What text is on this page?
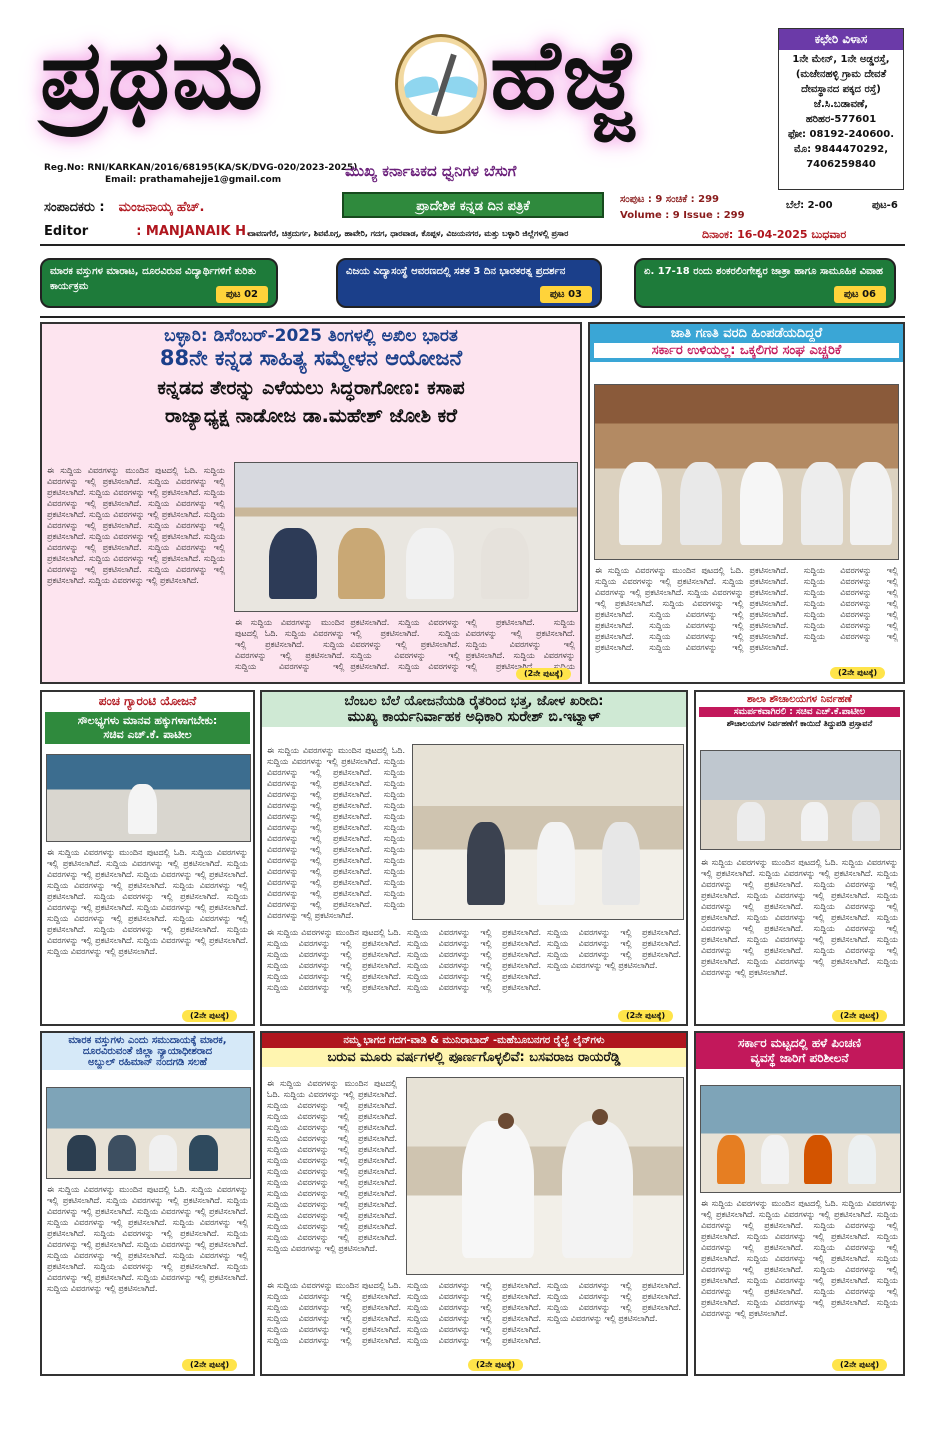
ಪ್ರಥಮ ಹೆಜ್ಜೆ	ಕಛೇರಿ ವಿಳಾಸ
1ನೇ ಮೇನ್, 1ನೇ ಅಡ್ಡರಸ್ತೆ,
(ಮಜೇನಹಳ್ಳಿ ಗ್ರಾಮ ದೇವತೆ
ದೇವಸ್ಥಾನದ ಪಕ್ಕದ ರಸ್ತೆ)
ಜೆ.ಸಿ.ಬಡಾವಣೆ,
ಹರಿಹರ-577601
ಫೋ: 08192-240600.
ಮೊ: 9844470292,
7406259840
Reg.No: RNI/KARKAN/2016/68195(KA/SK/DVG-020/2023-2025)
Email: prathamahejje1@gmail.com	ಮುಖ್ಯ ಕರ್ನಾಟಕದ ಧ್ವನಿಗಳ ಬೆಸುಗೆ
ಪ್ರಾದೇಶಿಕ ಕನ್ನಡ ದಿನ ಪತ್ರಿಕೆ	ಸಂಪುಟ : 9 ಸಂಚಿಕೆ : 299
Volume : 9 Issue : 299
ಬೆಲೆ: 2-00	ಪುಟ-6
ಸಂಪಾದಕರು : ಮಂಜನಾಯ್ಕ ಹೆಚ್.
Editor	: MANJANAIK H.
ದಾವಣಗೆರೆ, ಚಿತ್ರದುರ್ಗ, ಶಿವಮೊಗ್ಗ, ಹಾವೇರಿ, ಗದಗ, ಧಾರವಾಡ, ಕೊಪ್ಪಳ, ವಿಜಯನಗರ, ಮತ್ತು ಬಳ್ಳಾರಿ ಜಿಲ್ಲೆಗಳಲ್ಲಿ ಪ್ರಸಾರ	ದಿನಾಂಕ: 16-04-2025 ಬುಧವಾರ
ಮಾರಕ ವಸ್ತುಗಳ ಮಾರಾಟ, ದೂರವಿರುವ ವಿದ್ಯಾರ್ಥಿಗಳಿಗೆ ಕುರಿತು ಕಾರ್ಯಕ್ರಮ
ಪುಟ 02
ವಿಜಯ ವಿದ್ಯಾಸಂಸ್ಥೆ ಆವರಣದಲ್ಲಿ ಸತತ 3 ದಿನ ಭಾರತರತ್ನ ಪ್ರದರ್ಶನ
ಪುಟ 03
ಏ. 17-18 ರಂದು ಶಂಕರಲಿಂಗೇಶ್ವರ ಜಾತ್ರಾ ಹಾಗೂ ಸಾಮೂಹಿಕ ವಿವಾಹ
ಪುಟ 06
ಬಳ್ಳಾರಿ: ಡಿಸೆಂಬರ್-2025 ತಿಂಗಳಲ್ಲಿ ಅಖಿಲ ಭಾರತ
88ನೇ ಕನ್ನಡ ಸಾಹಿತ್ಯ ಸಮ್ಮೇಳನ ಆಯೋಜನೆ
ಕನ್ನಡದ ತೇರನ್ನು ಎಳೆಯಲು ಸಿದ್ಧರಾಗೋಣ: ಕಸಾಪ
ರಾಜ್ಯಾಧ್ಯಕ್ಷ ನಾಡೋಜ ಡಾ.ಮಹೇಶ್ ಜೋಶಿ ಕರೆ
ಈ ಸುದ್ದಿಯ ವಿವರಗಳನ್ನು ಮುಂದಿನ ಪುಟದಲ್ಲಿ ಓದಿ. ಸುದ್ದಿಯ ವಿವರಗಳನ್ನು ಇಲ್ಲಿ ಪ್ರಕಟಿಸಲಾಗಿದೆ. ಸುದ್ದಿಯ ವಿವರಗಳನ್ನು ಇಲ್ಲಿ ಪ್ರಕಟಿಸಲಾಗಿದೆ. ಸುದ್ದಿಯ ವಿವರಗಳನ್ನು ಇಲ್ಲಿ ಪ್ರಕಟಿಸಲಾಗಿದೆ. ಸುದ್ದಿಯ ವಿವರಗಳನ್ನು ಇಲ್ಲಿ ಪ್ರಕಟಿಸಲಾಗಿದೆ. ಸುದ್ದಿಯ ವಿವರಗಳನ್ನು ಇಲ್ಲಿ ಪ್ರಕಟಿಸಲಾಗಿದೆ. ಸುದ್ದಿಯ ವಿವರಗಳನ್ನು ಇಲ್ಲಿ ಪ್ರಕಟಿಸಲಾಗಿದೆ. ಸುದ್ದಿಯ ವಿವರಗಳನ್ನು ಇಲ್ಲಿ ಪ್ರಕಟಿಸಲಾಗಿದೆ. ಸುದ್ದಿಯ ವಿವರಗಳನ್ನು ಇಲ್ಲಿ ಪ್ರಕಟಿಸಲಾಗಿದೆ. ಸುದ್ದಿಯ ವಿವರಗಳನ್ನು ಇಲ್ಲಿ ಪ್ರಕಟಿಸಲಾಗಿದೆ. ಸುದ್ದಿಯ ವಿವರಗಳನ್ನು ಇಲ್ಲಿ ಪ್ರಕಟಿಸಲಾಗಿದೆ. ಸುದ್ದಿಯ ವಿವರಗಳನ್ನು ಇಲ್ಲಿ ಪ್ರಕಟಿಸಲಾಗಿದೆ. ಸುದ್ದಿಯ ವಿವರಗಳನ್ನು ಇಲ್ಲಿ ಪ್ರಕಟಿಸಲಾಗಿದೆ. ಸುದ್ದಿಯ ವಿವರಗಳನ್ನು ಇಲ್ಲಿ ಪ್ರಕಟಿಸಲಾಗಿದೆ. ಸುದ್ದಿಯ ವಿವರಗಳನ್ನು ಇಲ್ಲಿ ಪ್ರಕಟಿಸಲಾಗಿದೆ. ಸುದ್ದಿಯ ವಿವರಗಳನ್ನು ಇಲ್ಲಿ ಪ್ರಕಟಿಸಲಾಗಿದೆ.
ಈ ಸುದ್ದಿಯ ವಿವರಗಳನ್ನು ಮುಂದಿನ ಪುಟದಲ್ಲಿ ಓದಿ. ಸುದ್ದಿಯ ವಿವರಗಳನ್ನು ಇಲ್ಲಿ ಪ್ರಕಟಿಸಲಾಗಿದೆ. ಸುದ್ದಿಯ ವಿವರಗಳನ್ನು ಇಲ್ಲಿ ಪ್ರಕಟಿಸಲಾಗಿದೆ. ಸುದ್ದಿಯ ವಿವರಗಳನ್ನು ಇಲ್ಲಿ ಪ್ರಕಟಿಸಲಾಗಿದೆ. ಸುದ್ದಿಯ ವಿವರಗಳನ್ನು ಇಲ್ಲಿ ಪ್ರಕಟಿಸಲಾಗಿದೆ. ಸುದ್ದಿಯ ವಿವರಗಳನ್ನು ಇಲ್ಲಿ ಪ್ರಕಟಿಸಲಾಗಿದೆ. ಸುದ್ದಿಯ ವಿವರಗಳನ್ನು ಇಲ್ಲಿ ಪ್ರಕಟಿಸಲಾಗಿದೆ. ಸುದ್ದಿಯ ವಿವರಗಳನ್ನು ಇಲ್ಲಿ ಪ್ರಕಟಿಸಲಾಗಿದೆ. ಸುದ್ದಿಯ ವಿವರಗಳನ್ನು ಇಲ್ಲಿ ಪ್ರಕಟಿಸಲಾಗಿದೆ. ಸುದ್ದಿಯ ವಿವರಗಳನ್ನು ಇಲ್ಲಿ ಪ್ರಕಟಿಸಲಾಗಿದೆ. ಸುದ್ದಿಯ ವಿವರಗಳನ್ನು ಇಲ್ಲಿ ಪ್ರಕಟಿಸಲಾಗಿದೆ. ಸುದ್ದಿಯ ವಿವರಗಳನ್ನು ಇಲ್ಲಿ ಪ್ರಕಟಿಸಲಾಗಿದೆ. ಸುದ್ದಿಯ ವಿವರಗಳನ್ನು ಇಲ್ಲಿ ಪ್ರಕಟಿಸಲಾಗಿದೆ. ಸುದ್ದಿಯ ವಿವರಗಳನ್ನು ಇಲ್ಲಿ ಪ್ರಕಟಿಸಲಾಗಿದೆ. ಸುದ್ದಿಯ ವಿವರಗಳನ್ನು ಇಲ್ಲಿ ಪ್ರಕಟಿಸಲಾಗಿದೆ. ಸುದ್ದಿಯ ವಿವರಗಳನ್ನು ಇಲ್ಲಿ ಪ್ರಕಟಿಸಲಾಗಿದೆ.
(2ನೇ ಪುಟಕ್ಕೆ)
ಜಾತಿ ಗಣತಿ ವರದಿ ಹಿಂಪಡೆಯದಿದ್ದರೆ
ಸರ್ಕಾರ ಉಳಿಯಲ್ಲ: ಒಕ್ಕಲಿಗರ ಸಂಘ ಎಚ್ಚರಿಕೆ
ಈ ಸುದ್ದಿಯ ವಿವರಗಳನ್ನು ಮುಂದಿನ ಪುಟದಲ್ಲಿ ಓದಿ. ಸುದ್ದಿಯ ವಿವರಗಳನ್ನು ಇಲ್ಲಿ ಪ್ರಕಟಿಸಲಾಗಿದೆ. ಸುದ್ದಿಯ ವಿವರಗಳನ್ನು ಇಲ್ಲಿ ಪ್ರಕಟಿಸಲಾಗಿದೆ. ಸುದ್ದಿಯ ವಿವರಗಳನ್ನು ಇಲ್ಲಿ ಪ್ರಕಟಿಸಲಾಗಿದೆ. ಸುದ್ದಿಯ ವಿವರಗಳನ್ನು ಇಲ್ಲಿ ಪ್ರಕಟಿಸಲಾಗಿದೆ. ಸುದ್ದಿಯ ವಿವರಗಳನ್ನು ಇಲ್ಲಿ ಪ್ರಕಟಿಸಲಾಗಿದೆ. ಸುದ್ದಿಯ ವಿವರಗಳನ್ನು ಇಲ್ಲಿ ಪ್ರಕಟಿಸಲಾಗಿದೆ. ಸುದ್ದಿಯ ವಿವರಗಳನ್ನು ಇಲ್ಲಿ ಪ್ರಕಟಿಸಲಾಗಿದೆ. ಸುದ್ದಿಯ ವಿವರಗಳನ್ನು ಇಲ್ಲಿ ಪ್ರಕಟಿಸಲಾಗಿದೆ. ಸುದ್ದಿಯ ವಿವರಗಳನ್ನು ಇಲ್ಲಿ ಪ್ರಕಟಿಸಲಾಗಿದೆ. ಸುದ್ದಿಯ ವಿವರಗಳನ್ನು ಇಲ್ಲಿ ಪ್ರಕಟಿಸಲಾಗಿದೆ. ಸುದ್ದಿಯ ವಿವರಗಳನ್ನು ಇಲ್ಲಿ ಪ್ರಕಟಿಸಲಾಗಿದೆ. ಸುದ್ದಿಯ ವಿವರಗಳನ್ನು ಇಲ್ಲಿ ಪ್ರಕಟಿಸಲಾಗಿದೆ. ಸುದ್ದಿಯ ವಿವರಗಳನ್ನು ಇಲ್ಲಿ ಪ್ರಕಟಿಸಲಾಗಿದೆ. ಸುದ್ದಿಯ ವಿವರಗಳನ್ನು ಇಲ್ಲಿ ಪ್ರಕಟಿಸಲಾಗಿದೆ. ಸುದ್ದಿಯ ವಿವರಗಳನ್ನು ಇಲ್ಲಿ ಪ್ರಕಟಿಸಲಾಗಿದೆ.
(2ನೇ ಪುಟಕ್ಕೆ)
ಪಂಚ ಗ್ಯಾರಂಟಿ ಯೋಜನೆ
ಸೌಲಭ್ಯಗಳು ಮಾನವ ಹಕ್ಕುಗಳಾಗಬೇಕು:
ಸಚಿವ ಎಚ್.ಕೆ. ಪಾಟೀಲ
ಈ ಸುದ್ದಿಯ ವಿವರಗಳನ್ನು ಮುಂದಿನ ಪುಟದಲ್ಲಿ ಓದಿ. ಸುದ್ದಿಯ ವಿವರಗಳನ್ನು ಇಲ್ಲಿ ಪ್ರಕಟಿಸಲಾಗಿದೆ. ಸುದ್ದಿಯ ವಿವರಗಳನ್ನು ಇಲ್ಲಿ ಪ್ರಕಟಿಸಲಾಗಿದೆ. ಸುದ್ದಿಯ ವಿವರಗಳನ್ನು ಇಲ್ಲಿ ಪ್ರಕಟಿಸಲಾಗಿದೆ. ಸುದ್ದಿಯ ವಿವರಗಳನ್ನು ಇಲ್ಲಿ ಪ್ರಕಟಿಸಲಾಗಿದೆ. ಸುದ್ದಿಯ ವಿವರಗಳನ್ನು ಇಲ್ಲಿ ಪ್ರಕಟಿಸಲಾಗಿದೆ. ಸುದ್ದಿಯ ವಿವರಗಳನ್ನು ಇಲ್ಲಿ ಪ್ರಕಟಿಸಲಾಗಿದೆ. ಸುದ್ದಿಯ ವಿವರಗಳನ್ನು ಇಲ್ಲಿ ಪ್ರಕಟಿಸಲಾಗಿದೆ. ಸುದ್ದಿಯ ವಿವರಗಳನ್ನು ಇಲ್ಲಿ ಪ್ರಕಟಿಸಲಾಗಿದೆ. ಸುದ್ದಿಯ ವಿವರಗಳನ್ನು ಇಲ್ಲಿ ಪ್ರಕಟಿಸಲಾಗಿದೆ. ಸುದ್ದಿಯ ವಿವರಗಳನ್ನು ಇಲ್ಲಿ ಪ್ರಕಟಿಸಲಾಗಿದೆ. ಸುದ್ದಿಯ ವಿವರಗಳನ್ನು ಇಲ್ಲಿ ಪ್ರಕಟಿಸಲಾಗಿದೆ. ಸುದ್ದಿಯ ವಿವರಗಳನ್ನು ಇಲ್ಲಿ ಪ್ರಕಟಿಸಲಾಗಿದೆ. ಸುದ್ದಿಯ ವಿವರಗಳನ್ನು ಇಲ್ಲಿ ಪ್ರಕಟಿಸಲಾಗಿದೆ. ಸುದ್ದಿಯ ವಿವರಗಳನ್ನು ಇಲ್ಲಿ ಪ್ರಕಟಿಸಲಾಗಿದೆ. ಸುದ್ದಿಯ ವಿವರಗಳನ್ನು ಇಲ್ಲಿ ಪ್ರಕಟಿಸಲಾಗಿದೆ.
(2ನೇ ಪುಟಕ್ಕೆ)
ಬೆಂಬಲ ಬೆಲೆ ಯೋಜನೆಯಡಿ ರೈತರಿಂದ ಭತ್ತ, ಜೋಳ ಖರೀದಿ:
ಮುಖ್ಯ ಕಾರ್ಯನಿರ್ವಾಹಕ ಅಧಿಕಾರಿ ಸುರೇಶ್ ಬಿ.ಇಟ್ನಾಳ್
ಈ ಸುದ್ದಿಯ ವಿವರಗಳನ್ನು ಮುಂದಿನ ಪುಟದಲ್ಲಿ ಓದಿ. ಸುದ್ದಿಯ ವಿವರಗಳನ್ನು ಇಲ್ಲಿ ಪ್ರಕಟಿಸಲಾಗಿದೆ. ಸುದ್ದಿಯ ವಿವರಗಳನ್ನು ಇಲ್ಲಿ ಪ್ರಕಟಿಸಲಾಗಿದೆ. ಸುದ್ದಿಯ ವಿವರಗಳನ್ನು ಇಲ್ಲಿ ಪ್ರಕಟಿಸಲಾಗಿದೆ. ಸುದ್ದಿಯ ವಿವರಗಳನ್ನು ಇಲ್ಲಿ ಪ್ರಕಟಿಸಲಾಗಿದೆ. ಸುದ್ದಿಯ ವಿವರಗಳನ್ನು ಇಲ್ಲಿ ಪ್ರಕಟಿಸಲಾಗಿದೆ. ಸುದ್ದಿಯ ವಿವರಗಳನ್ನು ಇಲ್ಲಿ ಪ್ರಕಟಿಸಲಾಗಿದೆ. ಸುದ್ದಿಯ ವಿವರಗಳನ್ನು ಇಲ್ಲಿ ಪ್ರಕಟಿಸಲಾಗಿದೆ. ಸುದ್ದಿಯ ವಿವರಗಳನ್ನು ಇಲ್ಲಿ ಪ್ರಕಟಿಸಲಾಗಿದೆ. ಸುದ್ದಿಯ ವಿವರಗಳನ್ನು ಇಲ್ಲಿ ಪ್ರಕಟಿಸಲಾಗಿದೆ. ಸುದ್ದಿಯ ವಿವರಗಳನ್ನು ಇಲ್ಲಿ ಪ್ರಕಟಿಸಲಾಗಿದೆ. ಸುದ್ದಿಯ ವಿವರಗಳನ್ನು ಇಲ್ಲಿ ಪ್ರಕಟಿಸಲಾಗಿದೆ. ಸುದ್ದಿಯ ವಿವರಗಳನ್ನು ಇಲ್ಲಿ ಪ್ರಕಟಿಸಲಾಗಿದೆ. ಸುದ್ದಿಯ ವಿವರಗಳನ್ನು ಇಲ್ಲಿ ಪ್ರಕಟಿಸಲಾಗಿದೆ. ಸುದ್ದಿಯ ವಿವರಗಳನ್ನು ಇಲ್ಲಿ ಪ್ರಕಟಿಸಲಾಗಿದೆ. ಸುದ್ದಿಯ ವಿವರಗಳನ್ನು ಇಲ್ಲಿ ಪ್ರಕಟಿಸಲಾಗಿದೆ.
ಈ ಸುದ್ದಿಯ ವಿವರಗಳನ್ನು ಮುಂದಿನ ಪುಟದಲ್ಲಿ ಓದಿ. ಸುದ್ದಿಯ ವಿವರಗಳನ್ನು ಇಲ್ಲಿ ಪ್ರಕಟಿಸಲಾಗಿದೆ. ಸುದ್ದಿಯ ವಿವರಗಳನ್ನು ಇಲ್ಲಿ ಪ್ರಕಟಿಸಲಾಗಿದೆ. ಸುದ್ದಿಯ ವಿವರಗಳನ್ನು ಇಲ್ಲಿ ಪ್ರಕಟಿಸಲಾಗಿದೆ. ಸುದ್ದಿಯ ವಿವರಗಳನ್ನು ಇಲ್ಲಿ ಪ್ರಕಟಿಸಲಾಗಿದೆ. ಸುದ್ದಿಯ ವಿವರಗಳನ್ನು ಇಲ್ಲಿ ಪ್ರಕಟಿಸಲಾಗಿದೆ. ಸುದ್ದಿಯ ವಿವರಗಳನ್ನು ಇಲ್ಲಿ ಪ್ರಕಟಿಸಲಾಗಿದೆ. ಸುದ್ದಿಯ ವಿವರಗಳನ್ನು ಇಲ್ಲಿ ಪ್ರಕಟಿಸಲಾಗಿದೆ. ಸುದ್ದಿಯ ವಿವರಗಳನ್ನು ಇಲ್ಲಿ ಪ್ರಕಟಿಸಲಾಗಿದೆ. ಸುದ್ದಿಯ ವಿವರಗಳನ್ನು ಇಲ್ಲಿ ಪ್ರಕಟಿಸಲಾಗಿದೆ. ಸುದ್ದಿಯ ವಿವರಗಳನ್ನು ಇಲ್ಲಿ ಪ್ರಕಟಿಸಲಾಗಿದೆ. ಸುದ್ದಿಯ ವಿವರಗಳನ್ನು ಇಲ್ಲಿ ಪ್ರಕಟಿಸಲಾಗಿದೆ. ಸುದ್ದಿಯ ವಿವರಗಳನ್ನು ಇಲ್ಲಿ ಪ್ರಕಟಿಸಲಾಗಿದೆ. ಸುದ್ದಿಯ ವಿವರಗಳನ್ನು ಇಲ್ಲಿ ಪ್ರಕಟಿಸಲಾಗಿದೆ. ಸುದ್ದಿಯ ವಿವರಗಳನ್ನು ಇಲ್ಲಿ ಪ್ರಕಟಿಸಲಾಗಿದೆ. ಸುದ್ದಿಯ ವಿವರಗಳನ್ನು ಇಲ್ಲಿ ಪ್ರಕಟಿಸಲಾಗಿದೆ.
(2ನೇ ಪುಟಕ್ಕೆ)
ಶಾಲಾ ಶೌಚಾಲಯಗಳ ನಿರ್ವಹಣೆ
ಸಮರ್ಪಕವಾಗಿರಲಿ : ಸಚಿವ ಎಚ್.ಕೆ.ಪಾಟೀಲ
ಶೌಚಾಲಯಗಳ ನಿರ್ವಹಣೆಗೆ ಕಾಯಿದೆ ತಿದ್ದುಪಡಿ ಪ್ರಸ್ತಾವನೆ
ಈ ಸುದ್ದಿಯ ವಿವರಗಳನ್ನು ಮುಂದಿನ ಪುಟದಲ್ಲಿ ಓದಿ. ಸುದ್ದಿಯ ವಿವರಗಳನ್ನು ಇಲ್ಲಿ ಪ್ರಕಟಿಸಲಾಗಿದೆ. ಸುದ್ದಿಯ ವಿವರಗಳನ್ನು ಇಲ್ಲಿ ಪ್ರಕಟಿಸಲಾಗಿದೆ. ಸುದ್ದಿಯ ವಿವರಗಳನ್ನು ಇಲ್ಲಿ ಪ್ರಕಟಿಸಲಾಗಿದೆ. ಸುದ್ದಿಯ ವಿವರಗಳನ್ನು ಇಲ್ಲಿ ಪ್ರಕಟಿಸಲಾಗಿದೆ. ಸುದ್ದಿಯ ವಿವರಗಳನ್ನು ಇಲ್ಲಿ ಪ್ರಕಟಿಸಲಾಗಿದೆ. ಸುದ್ದಿಯ ವಿವರಗಳನ್ನು ಇಲ್ಲಿ ಪ್ರಕಟಿಸಲಾಗಿದೆ. ಸುದ್ದಿಯ ವಿವರಗಳನ್ನು ಇಲ್ಲಿ ಪ್ರಕಟಿಸಲಾಗಿದೆ. ಸುದ್ದಿಯ ವಿವರಗಳನ್ನು ಇಲ್ಲಿ ಪ್ರಕಟಿಸಲಾಗಿದೆ. ಸುದ್ದಿಯ ವಿವರಗಳನ್ನು ಇಲ್ಲಿ ಪ್ರಕಟಿಸಲಾಗಿದೆ. ಸುದ್ದಿಯ ವಿವರಗಳನ್ನು ಇಲ್ಲಿ ಪ್ರಕಟಿಸಲಾಗಿದೆ. ಸುದ್ದಿಯ ವಿವರಗಳನ್ನು ಇಲ್ಲಿ ಪ್ರಕಟಿಸಲಾಗಿದೆ. ಸುದ್ದಿಯ ವಿವರಗಳನ್ನು ಇಲ್ಲಿ ಪ್ರಕಟಿಸಲಾಗಿದೆ. ಸುದ್ದಿಯ ವಿವರಗಳನ್ನು ಇಲ್ಲಿ ಪ್ರಕಟಿಸಲಾಗಿದೆ. ಸುದ್ದಿಯ ವಿವರಗಳನ್ನು ಇಲ್ಲಿ ಪ್ರಕಟಿಸಲಾಗಿದೆ. ಸುದ್ದಿಯ ವಿವರಗಳನ್ನು ಇಲ್ಲಿ ಪ್ರಕಟಿಸಲಾಗಿದೆ.
(2ನೇ ಪುಟಕ್ಕೆ)
ಮಾರಕ ವಸ್ತುಗಳು ಎಂದು ಸಮುದಾಯಕ್ಕೆ ಮಾರಕ,
ದೂರವಿರುವಂತೆ ಜಿಲ್ಲಾ ನ್ಯಾಯಾಧೀಶರಾದ
ಅಬ್ದುಲ್ ರಹಿಮಾನ್ ನಂದಗಡಿ ಸಲಹೆ
ಈ ಸುದ್ದಿಯ ವಿವರಗಳನ್ನು ಮುಂದಿನ ಪುಟದಲ್ಲಿ ಓದಿ. ಸುದ್ದಿಯ ವಿವರಗಳನ್ನು ಇಲ್ಲಿ ಪ್ರಕಟಿಸಲಾಗಿದೆ. ಸುದ್ದಿಯ ವಿವರಗಳನ್ನು ಇಲ್ಲಿ ಪ್ರಕಟಿಸಲಾಗಿದೆ. ಸುದ್ದಿಯ ವಿವರಗಳನ್ನು ಇಲ್ಲಿ ಪ್ರಕಟಿಸಲಾಗಿದೆ. ಸುದ್ದಿಯ ವಿವರಗಳನ್ನು ಇಲ್ಲಿ ಪ್ರಕಟಿಸಲಾಗಿದೆ. ಸುದ್ದಿಯ ವಿವರಗಳನ್ನು ಇಲ್ಲಿ ಪ್ರಕಟಿಸಲಾಗಿದೆ. ಸುದ್ದಿಯ ವಿವರಗಳನ್ನು ಇಲ್ಲಿ ಪ್ರಕಟಿಸಲಾಗಿದೆ. ಸುದ್ದಿಯ ವಿವರಗಳನ್ನು ಇಲ್ಲಿ ಪ್ರಕಟಿಸಲಾಗಿದೆ. ಸುದ್ದಿಯ ವಿವರಗಳನ್ನು ಇಲ್ಲಿ ಪ್ರಕಟಿಸಲಾಗಿದೆ. ಸುದ್ದಿಯ ವಿವರಗಳನ್ನು ಇಲ್ಲಿ ಪ್ರಕಟಿಸಲಾಗಿದೆ. ಸುದ್ದಿಯ ವಿವರಗಳನ್ನು ಇಲ್ಲಿ ಪ್ರಕಟಿಸಲಾಗಿದೆ. ಸುದ್ದಿಯ ವಿವರಗಳನ್ನು ಇಲ್ಲಿ ಪ್ರಕಟಿಸಲಾಗಿದೆ. ಸುದ್ದಿಯ ವಿವರಗಳನ್ನು ಇಲ್ಲಿ ಪ್ರಕಟಿಸಲಾಗಿದೆ. ಸುದ್ದಿಯ ವಿವರಗಳನ್ನು ಇಲ್ಲಿ ಪ್ರಕಟಿಸಲಾಗಿದೆ. ಸುದ್ದಿಯ ವಿವರಗಳನ್ನು ಇಲ್ಲಿ ಪ್ರಕಟಿಸಲಾಗಿದೆ. ಸುದ್ದಿಯ ವಿವರಗಳನ್ನು ಇಲ್ಲಿ ಪ್ರಕಟಿಸಲಾಗಿದೆ.
(2ನೇ ಪುಟಕ್ಕೆ)
ನಮ್ಮ ಭಾಗದ ಗದಗ-ವಾಡಿ & ಮುನಿರಾಬಾದ್ -ಮಹೆಬೂಬನಗರ ರೈಲ್ವೆ ಲೈನ್‌ಗಳು
ಬರುವ ಮೂರು ವರ್ಷಗಳಲ್ಲಿ ಪೂರ್ಣಗೊಳ್ಳಲಿವೆ: ಬಸವರಾಜ ರಾಯರೆಡ್ಡಿ
ಈ ಸುದ್ದಿಯ ವಿವರಗಳನ್ನು ಮುಂದಿನ ಪುಟದಲ್ಲಿ ಓದಿ. ಸುದ್ದಿಯ ವಿವರಗಳನ್ನು ಇಲ್ಲಿ ಪ್ರಕಟಿಸಲಾಗಿದೆ. ಸುದ್ದಿಯ ವಿವರಗಳನ್ನು ಇಲ್ಲಿ ಪ್ರಕಟಿಸಲಾಗಿದೆ. ಸುದ್ದಿಯ ವಿವರಗಳನ್ನು ಇಲ್ಲಿ ಪ್ರಕಟಿಸಲಾಗಿದೆ. ಸುದ್ದಿಯ ವಿವರಗಳನ್ನು ಇಲ್ಲಿ ಪ್ರಕಟಿಸಲಾಗಿದೆ. ಸುದ್ದಿಯ ವಿವರಗಳನ್ನು ಇಲ್ಲಿ ಪ್ರಕಟಿಸಲಾಗಿದೆ. ಸುದ್ದಿಯ ವಿವರಗಳನ್ನು ಇಲ್ಲಿ ಪ್ರಕಟಿಸಲಾಗಿದೆ. ಸುದ್ದಿಯ ವಿವರಗಳನ್ನು ಇಲ್ಲಿ ಪ್ರಕಟಿಸಲಾಗಿದೆ. ಸುದ್ದಿಯ ವಿವರಗಳನ್ನು ಇಲ್ಲಿ ಪ್ರಕಟಿಸಲಾಗಿದೆ. ಸುದ್ದಿಯ ವಿವರಗಳನ್ನು ಇಲ್ಲಿ ಪ್ರಕಟಿಸಲಾಗಿದೆ. ಸುದ್ದಿಯ ವಿವರಗಳನ್ನು ಇಲ್ಲಿ ಪ್ರಕಟಿಸಲಾಗಿದೆ. ಸುದ್ದಿಯ ವಿವರಗಳನ್ನು ಇಲ್ಲಿ ಪ್ರಕಟಿಸಲಾಗಿದೆ. ಸುದ್ದಿಯ ವಿವರಗಳನ್ನು ಇಲ್ಲಿ ಪ್ರಕಟಿಸಲಾಗಿದೆ. ಸುದ್ದಿಯ ವಿವರಗಳನ್ನು ಇಲ್ಲಿ ಪ್ರಕಟಿಸಲಾಗಿದೆ. ಸುದ್ದಿಯ ವಿವರಗಳನ್ನು ಇಲ್ಲಿ ಪ್ರಕಟಿಸಲಾಗಿದೆ. ಸುದ್ದಿಯ ವಿವರಗಳನ್ನು ಇಲ್ಲಿ ಪ್ರಕಟಿಸಲಾಗಿದೆ.
ಈ ಸುದ್ದಿಯ ವಿವರಗಳನ್ನು ಮುಂದಿನ ಪುಟದಲ್ಲಿ ಓದಿ. ಸುದ್ದಿಯ ವಿವರಗಳನ್ನು ಇಲ್ಲಿ ಪ್ರಕಟಿಸಲಾಗಿದೆ. ಸುದ್ದಿಯ ವಿವರಗಳನ್ನು ಇಲ್ಲಿ ಪ್ರಕಟಿಸಲಾಗಿದೆ. ಸುದ್ದಿಯ ವಿವರಗಳನ್ನು ಇಲ್ಲಿ ಪ್ರಕಟಿಸಲಾಗಿದೆ. ಸುದ್ದಿಯ ವಿವರಗಳನ್ನು ಇಲ್ಲಿ ಪ್ರಕಟಿಸಲಾಗಿದೆ. ಸುದ್ದಿಯ ವಿವರಗಳನ್ನು ಇಲ್ಲಿ ಪ್ರಕಟಿಸಲಾಗಿದೆ. ಸುದ್ದಿಯ ವಿವರಗಳನ್ನು ಇಲ್ಲಿ ಪ್ರಕಟಿಸಲಾಗಿದೆ. ಸುದ್ದಿಯ ವಿವರಗಳನ್ನು ಇಲ್ಲಿ ಪ್ರಕಟಿಸಲಾಗಿದೆ. ಸುದ್ದಿಯ ವಿವರಗಳನ್ನು ಇಲ್ಲಿ ಪ್ರಕಟಿಸಲಾಗಿದೆ. ಸುದ್ದಿಯ ವಿವರಗಳನ್ನು ಇಲ್ಲಿ ಪ್ರಕಟಿಸಲಾಗಿದೆ. ಸುದ್ದಿಯ ವಿವರಗಳನ್ನು ಇಲ್ಲಿ ಪ್ರಕಟಿಸಲಾಗಿದೆ. ಸುದ್ದಿಯ ವಿವರಗಳನ್ನು ಇಲ್ಲಿ ಪ್ರಕಟಿಸಲಾಗಿದೆ. ಸುದ್ದಿಯ ವಿವರಗಳನ್ನು ಇಲ್ಲಿ ಪ್ರಕಟಿಸಲಾಗಿದೆ. ಸುದ್ದಿಯ ವಿವರಗಳನ್ನು ಇಲ್ಲಿ ಪ್ರಕಟಿಸಲಾಗಿದೆ. ಸುದ್ದಿಯ ವಿವರಗಳನ್ನು ಇಲ್ಲಿ ಪ್ರಕಟಿಸಲಾಗಿದೆ. ಸುದ್ದಿಯ ವಿವರಗಳನ್ನು ಇಲ್ಲಿ ಪ್ರಕಟಿಸಲಾಗಿದೆ.
(2ನೇ ಪುಟಕ್ಕೆ)
ಸರ್ಕಾರ ಮಟ್ಟದಲ್ಲಿ ಹಳೆ ಪಿಂಚಣಿ
ವ್ಯವಸ್ಥೆ ಜಾರಿಗೆ ಪರಿಶೀಲನೆ
ಈ ಸುದ್ದಿಯ ವಿವರಗಳನ್ನು ಮುಂದಿನ ಪುಟದಲ್ಲಿ ಓದಿ. ಸುದ್ದಿಯ ವಿವರಗಳನ್ನು ಇಲ್ಲಿ ಪ್ರಕಟಿಸಲಾಗಿದೆ. ಸುದ್ದಿಯ ವಿವರಗಳನ್ನು ಇಲ್ಲಿ ಪ್ರಕಟಿಸಲಾಗಿದೆ. ಸುದ್ದಿಯ ವಿವರಗಳನ್ನು ಇಲ್ಲಿ ಪ್ರಕಟಿಸಲಾಗಿದೆ. ಸುದ್ದಿಯ ವಿವರಗಳನ್ನು ಇಲ್ಲಿ ಪ್ರಕಟಿಸಲಾಗಿದೆ. ಸುದ್ದಿಯ ವಿವರಗಳನ್ನು ಇಲ್ಲಿ ಪ್ರಕಟಿಸಲಾಗಿದೆ. ಸುದ್ದಿಯ ವಿವರಗಳನ್ನು ಇಲ್ಲಿ ಪ್ರಕಟಿಸಲಾಗಿದೆ. ಸುದ್ದಿಯ ವಿವರಗಳನ್ನು ಇಲ್ಲಿ ಪ್ರಕಟಿಸಲಾಗಿದೆ. ಸುದ್ದಿಯ ವಿವರಗಳನ್ನು ಇಲ್ಲಿ ಪ್ರಕಟಿಸಲಾಗಿದೆ. ಸುದ್ದಿಯ ವಿವರಗಳನ್ನು ಇಲ್ಲಿ ಪ್ರಕಟಿಸಲಾಗಿದೆ. ಸುದ್ದಿಯ ವಿವರಗಳನ್ನು ಇಲ್ಲಿ ಪ್ರಕಟಿಸಲಾಗಿದೆ. ಸುದ್ದಿಯ ವಿವರಗಳನ್ನು ಇಲ್ಲಿ ಪ್ರಕಟಿಸಲಾಗಿದೆ. ಸುದ್ದಿಯ ವಿವರಗಳನ್ನು ಇಲ್ಲಿ ಪ್ರಕಟಿಸಲಾಗಿದೆ. ಸುದ್ದಿಯ ವಿವರಗಳನ್ನು ಇಲ್ಲಿ ಪ್ರಕಟಿಸಲಾಗಿದೆ. ಸುದ್ದಿಯ ವಿವರಗಳನ್ನು ಇಲ್ಲಿ ಪ್ರಕಟಿಸಲಾಗಿದೆ. ಸುದ್ದಿಯ ವಿವರಗಳನ್ನು ಇಲ್ಲಿ ಪ್ರಕಟಿಸಲಾಗಿದೆ.
(2ನೇ ಪುಟಕ್ಕೆ)
